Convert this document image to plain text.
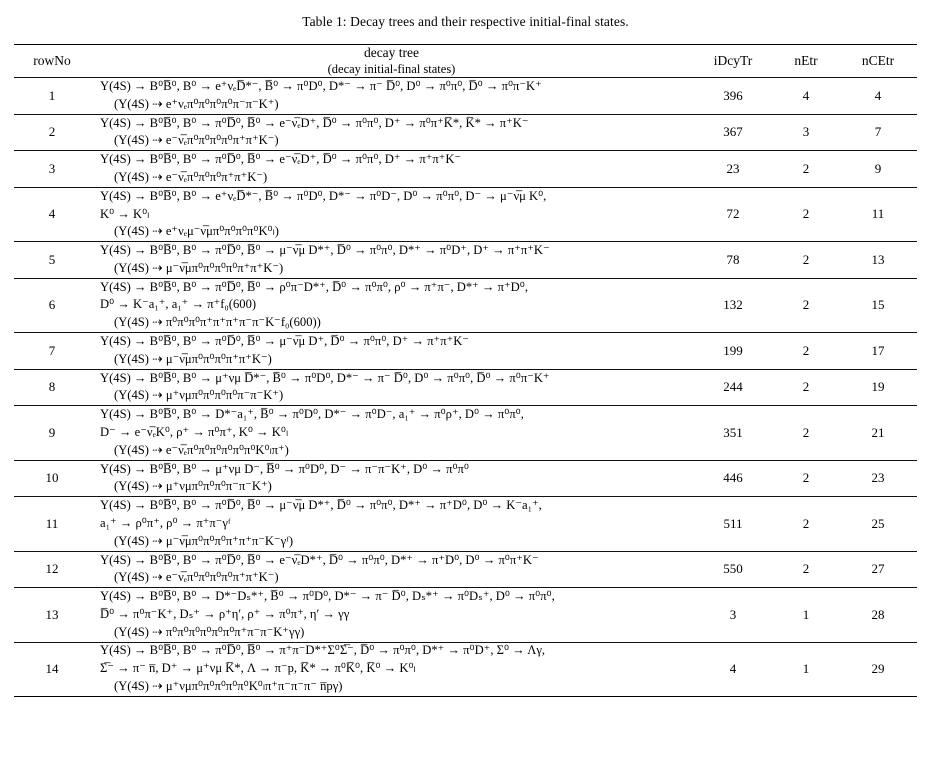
Table 1: Decay trees and their respective initial-final states.

rowNo	decay tree
(decay initial-final states)	iDcyTr	nEtr	nCEtr

1	Υ(4S) → B⁰B̅⁰, B⁰ → e⁺νₑD̅*⁻, B̅⁰ → π⁰D⁰, D*⁻ → π⁻ D̅⁰, D⁰ → π⁰π⁰, D̅⁰ → π⁰π⁻K⁺
(Υ(4S) ⇢ e⁺νₑπ⁰π⁰π⁰π⁰π⁻π⁻K⁺)	396	4	4

2	Υ(4S) → B⁰B̅⁰, B⁰ → π⁰D̅⁰, B̅⁰ → e⁻ν̅ₑD⁺, D̅⁰ → π⁰π⁰, D⁺ → π⁰π⁺K̅*, K̅* → π⁺K⁻
(Υ(4S) ⇢ e⁻ν̅ₑπ⁰π⁰π⁰π⁰π⁺π⁺K⁻)	367	3	7

3	Υ(4S) → B⁰B̅⁰, B⁰ → π⁰D̅⁰, B̅⁰ → e⁻ν̅ₑD⁺, D̅⁰ → π⁰π⁰, D⁺ → π⁺π⁺K⁻
(Υ(4S) ⇢ e⁻ν̅ₑπ⁰π⁰π⁰π⁺π⁺K⁻)	23	2	9

4	Υ(4S) → B⁰B̅⁰, B⁰ → e⁺νₑD̅*⁻, B̅⁰ → π⁰D⁰, D*⁻ → π⁰D⁻, D⁰ → π⁰π⁰, D⁻ → μ⁻ν̅μ K⁰,
K⁰ → K⁰ₗ
(Υ(4S) ⇢ e⁺νₑμ⁻ν̅μπ⁰π⁰π⁰π⁰K⁰ₗ)	72	2	11

5	Υ(4S) → B⁰B̅⁰, B⁰ → π⁰D̅⁰, B̅⁰ → μ⁻ν̅μ D*⁺, D̅⁰ → π⁰π⁰, D*⁺ → π⁰D⁺, D⁺ → π⁺π⁺K⁻
(Υ(4S) ⇢ μ⁻ν̅μπ⁰π⁰π⁰π⁰π⁺π⁺K⁻)	78	2	13

6	Υ(4S) → B⁰B̅⁰, B⁰ → π⁰D̅⁰, B̅⁰ → ρ⁰π⁻D*⁺, D̅⁰ → π⁰π⁰, ρ⁰ → π⁺π⁻, D*⁺ → π⁺D⁰,
D⁰ → K⁻a₁⁺, a₁⁺ → π⁺f₀(600)
(Υ(4S) ⇢ π⁰π⁰π⁰π⁺π⁺π⁺π⁻π⁻K⁻f₀(600))	132	2	15

7	Υ(4S) → B⁰B̅⁰, B⁰ → π⁰D̅⁰, B̅⁰ → μ⁻ν̅μ D⁺, D̅⁰ → π⁰π⁰, D⁺ → π⁺π⁺K⁻
(Υ(4S) ⇢ μ⁻ν̅μπ⁰π⁰π⁰π⁺π⁺K⁻)	199	2	17

8	Υ(4S) → B⁰B̅⁰, B⁰ → μ⁺νμ D̅*⁻, B̅⁰ → π⁰D⁰, D*⁻ → π⁻ D̅⁰, D⁰ → π⁰π⁰, D̅⁰ → π⁰π⁻K⁺
(Υ(4S) ⇢ μ⁺νμπ⁰π⁰π⁰π⁰π⁻π⁻K⁺)	244	2	19

9	Υ(4S) → B⁰B̅⁰, B⁰ → D*⁻a₁⁺, B̅⁰ → π⁰D⁰, D*⁻ → π⁰D⁻, a₁⁺ → π⁰ρ⁺, D⁰ → π⁰π⁰,
D⁻ → e⁻ν̅ₑK⁰, ρ⁺ → π⁰π⁺, K⁰ → K⁰ₗ
(Υ(4S) ⇢ e⁻ν̅ₑπ⁰π⁰π⁰π⁰π⁰π⁰K⁰ₗπ⁺)	351	2	21

10	Υ(4S) → B⁰B̅⁰, B⁰ → μ⁺νμ D⁻, B̅⁰ → π⁰D⁰, D⁻ → π⁻π⁻K⁺, D⁰ → π⁰π⁰
(Υ(4S) ⇢ μ⁺νμπ⁰π⁰π⁰π⁻π⁻K⁺)	446	2	23

11	Υ(4S) → B⁰B̅⁰, B⁰ → π⁰D̅⁰, B̅⁰ → μ⁻ν̅μ D*⁺, D̅⁰ → π⁰π⁰, D*⁺ → π⁺D⁰, D⁰ → K⁻a₁⁺,
a₁⁺ → ρ⁰π⁺, ρ⁰ → π⁺π⁻γᶠ
(Υ(4S) ⇢ μ⁻ν̅μπ⁰π⁰π⁰π⁺π⁺π⁻K⁻γᶠ)	511	2	25

12	Υ(4S) → B⁰B̅⁰, B⁰ → π⁰D̅⁰, B̅⁰ → e⁻ν̅ₑD*⁺, D̅⁰ → π⁰π⁰, D*⁺ → π⁺D⁰, D⁰ → π⁰π⁺K⁻
(Υ(4S) ⇢ e⁻ν̅ₑπ⁰π⁰π⁰π⁰π⁺π⁺K⁻)	550	2	27

13	Υ(4S) → B⁰B̅⁰, B⁰ → D*⁻Dₛ*⁺, B̅⁰ → π⁰D⁰, D*⁻ → π⁻ D̅⁰, Dₛ*⁺ → π⁰Dₛ⁺, D⁰ → π⁰π⁰,
D̅⁰ → π⁰π⁻K⁺, Dₛ⁺ → ρ⁺η′, ρ⁺ → π⁰π⁺, η′ → γγ
(Υ(4S) ⇢ π⁰π⁰π⁰π⁰π⁰π⁰π⁺π⁻π⁻K⁺γγ)	3	1	28

14	Υ(4S) → B⁰B̅⁰, B⁰ → π⁰D̅⁰, B̅⁰ → π⁺π⁻D*⁺Σ⁰Σ̅⁻, D̅⁰ → π⁰π⁰, D*⁺ → π⁰D⁺, Σ⁰ → Λγ,
Σ̅⁻ → π⁻ n̅, D⁺ → μ⁺νμ K̅*, Λ → π⁻p, K̅* → π⁰K̅⁰, K̅⁰ → K⁰ₗ
(Υ(4S) ⇢ μ⁺νμπ⁰π⁰π⁰π⁰π⁰K⁰ₗπ⁺π⁻π⁻π⁻ n̅pγ)	4	1	29
